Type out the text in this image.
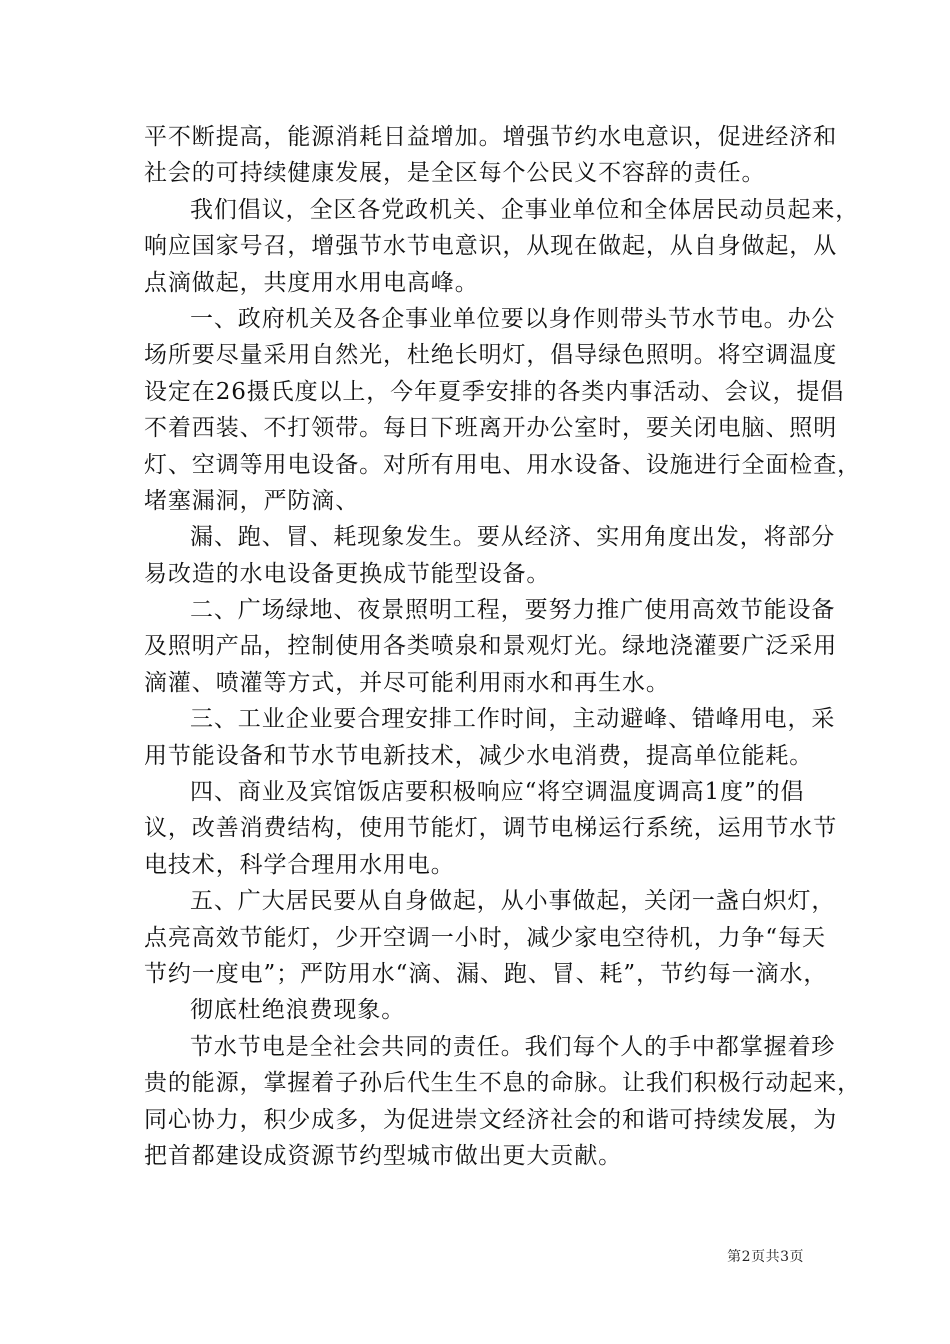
平不断提高，能源消耗日益增加。增强节约水电意识，促进经济和
社会的可持续健康发展，是全区每个公民义不容辞的责任。

我们倡议，全区各党政机关、企事业单位和全体居民动员起来，
响应国家号召，增强节水节电意识，从现在做起，从自身做起，从
点滴做起，共度用水用电高峰。

一、政府机关及各企事业单位要以身作则带头节水节电。办公
场所要尽量采用自然光，杜绝长明灯，倡导绿色照明。将空调温度
设定在26摄氏度以上，今年夏季安排的各类内事活动、会议，提倡
不着西装、不打领带。每日下班离开办公室时，要关闭电脑、照明
灯、空调等用电设备。对所有用电、用水设备、设施进行全面检查，
堵塞漏洞，严防滴、

漏、跑、冒、耗现象发生。要从经济、实用角度出发，将部分
易改造的水电设备更换成节能型设备。

二、广场绿地、夜景照明工程，要努力推广使用高效节能设备
及照明产品，控制使用各类喷泉和景观灯光。绿地浇灌要广泛采用
滴灌、喷灌等方式，并尽可能利用雨水和再生水。

三、工业企业要合理安排工作时间，主动避峰、错峰用电，采
用节能设备和节水节电新技术，减少水电消费，提高单位能耗。

四、商业及宾馆饭店要积极响应“将空调温度调高1度”的倡
议，改善消费结构，使用节能灯，调节电梯运行系统，运用节水节
电技术，科学合理用水用电。

五、广大居民要从自身做起，从小事做起，关闭一盏白炽灯，
点亮高效节能灯，少开空调一小时，减少家电空待机，力争“每天
节约一度电”；严防用水“滴、漏、跑、冒、耗”，节约每一滴水，

彻底杜绝浪费现象。

节水节电是全社会共同的责任。我们每个人的手中都掌握着珍
贵的能源，掌握着子孙后代生生不息的命脉。让我们积极行动起来，
同心协力，积少成多，为促进崇文经济社会的和谐可持续发展，为
把首都建设成资源节约型城市做出更大贡献。

第2页共3页
